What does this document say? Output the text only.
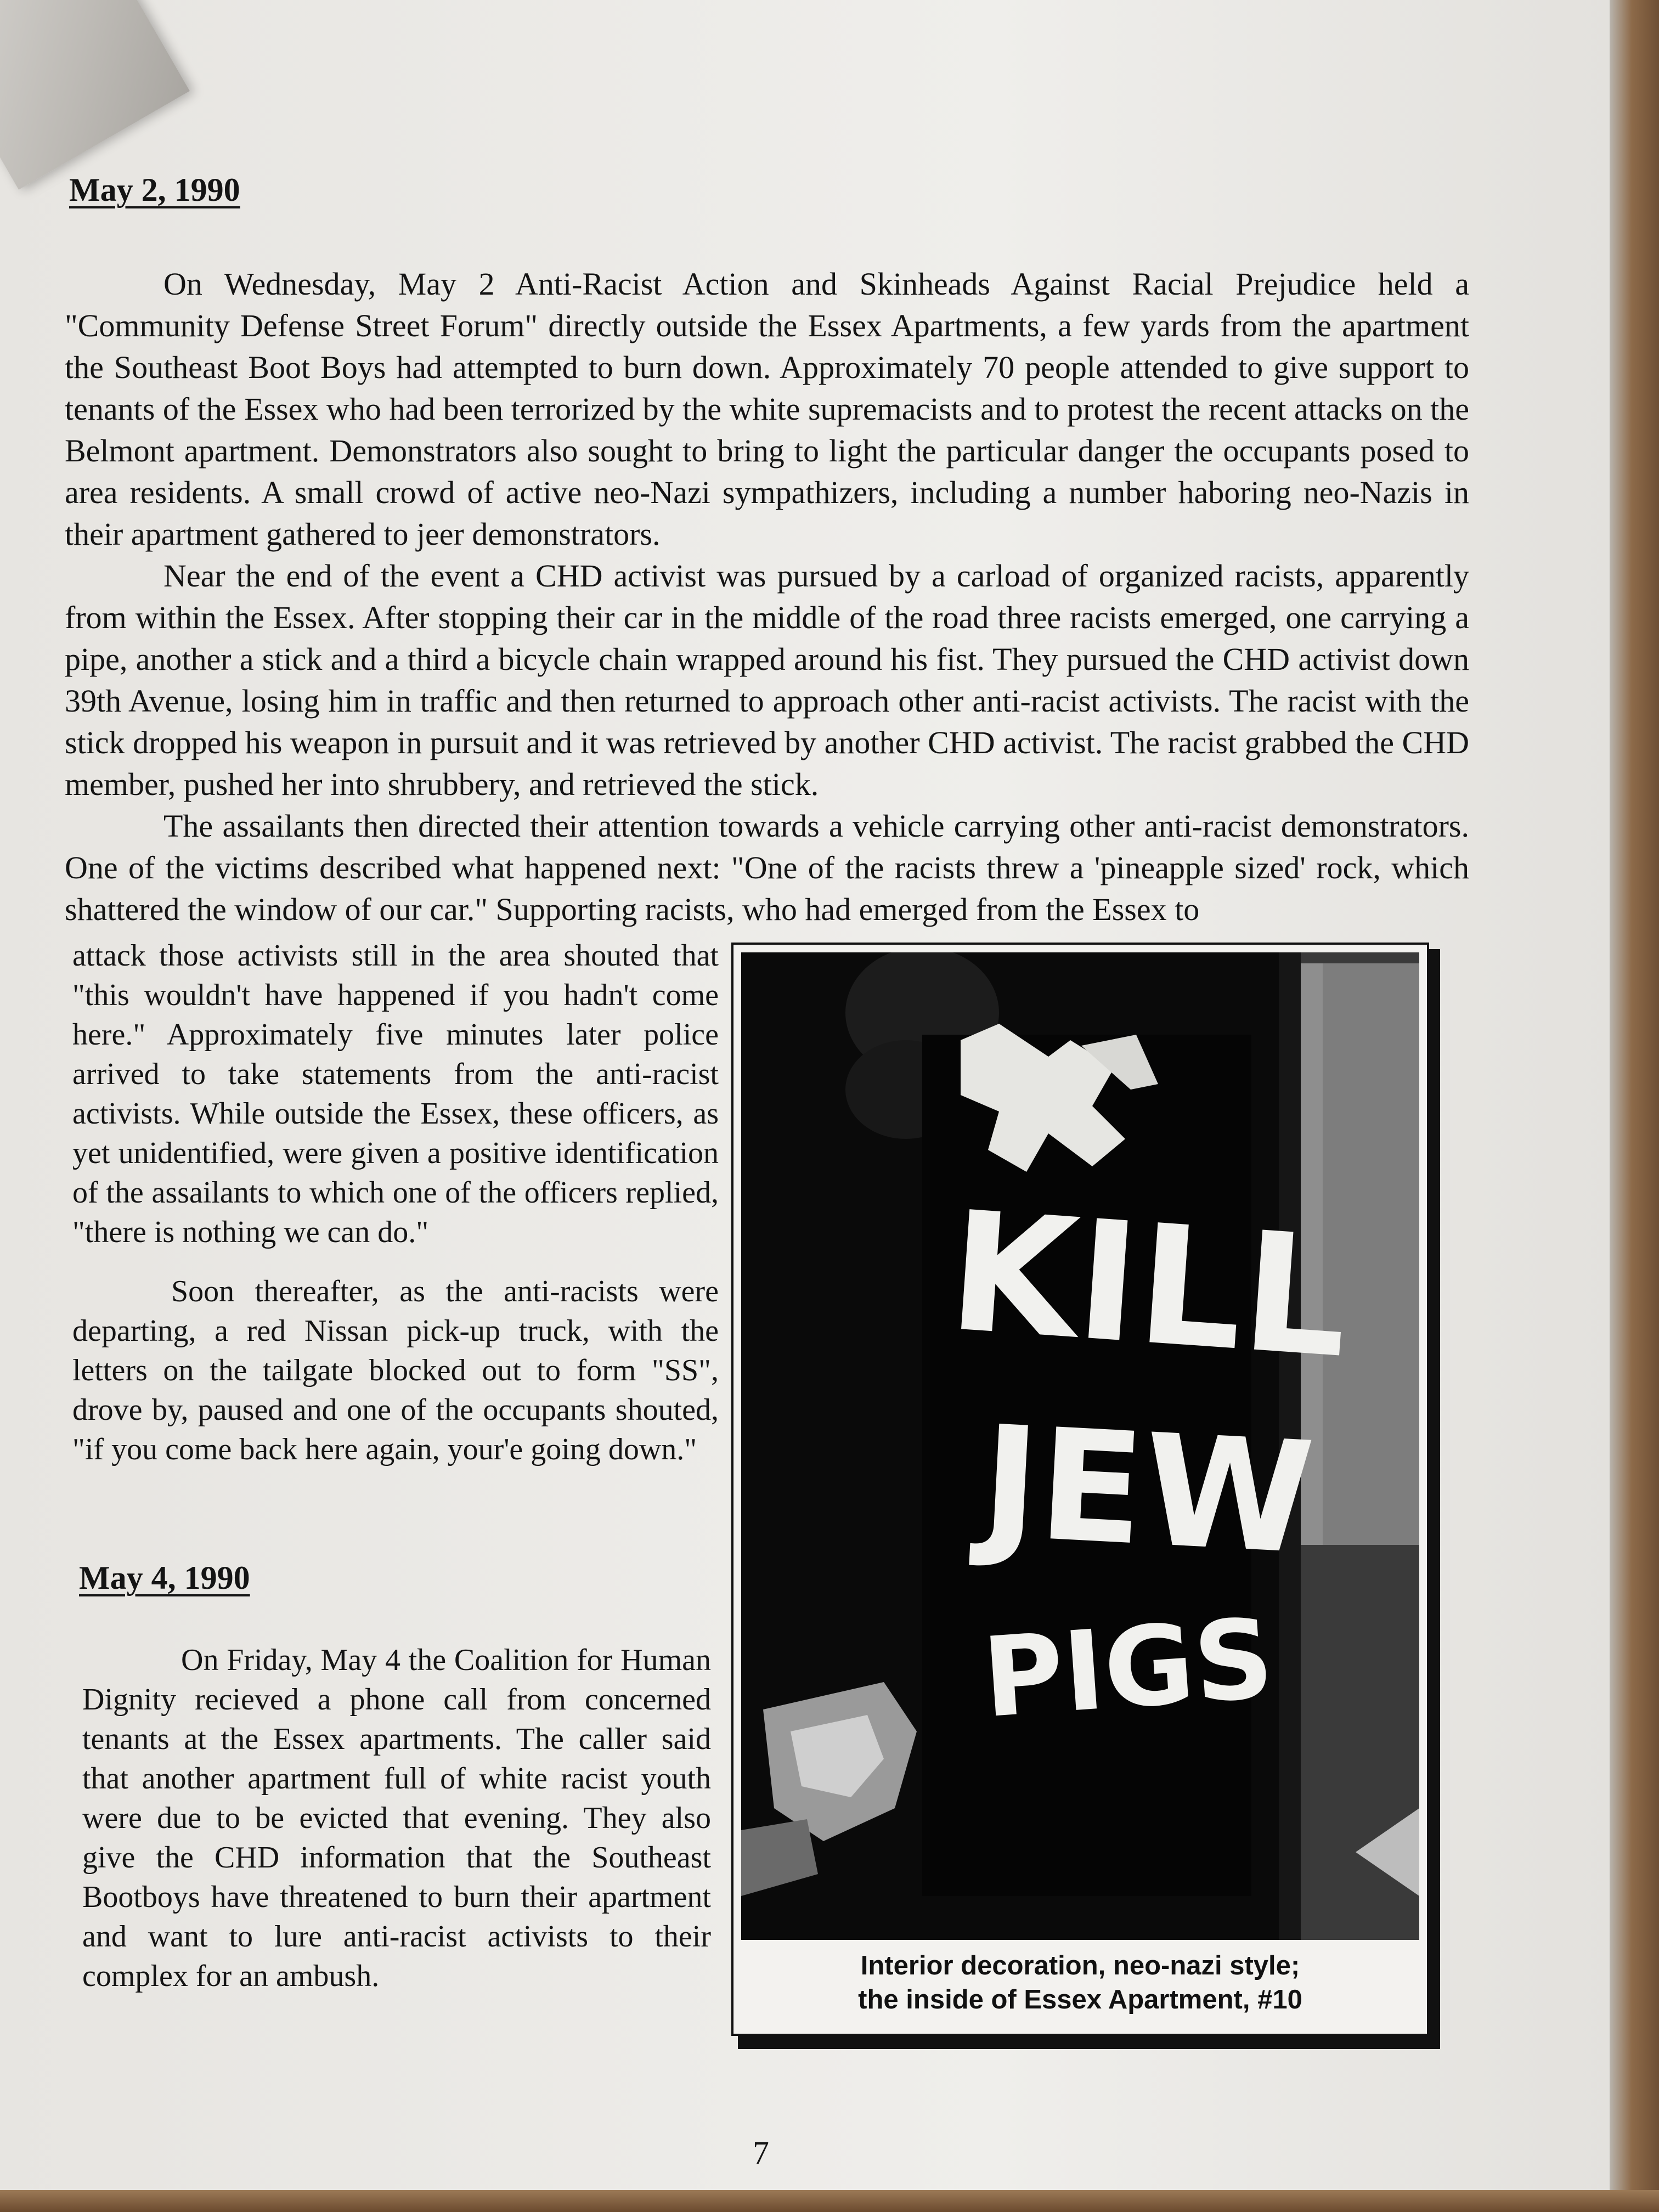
May 2, 1990

On Wednesday, May 2 Anti-Racist Action and Skinheads Against Racial Prejudice held a "Community Defense Street Forum" directly outside the Essex Apartments, a few yards from the apartment the Southeast Boot Boys had attempted to burn down. Approximately 70 people attended to give support to tenants of the Essex who had been terrorized by the white supremacists and to protest the recent attacks on the Belmont apartment. Demonstrators also sought to bring to light the particular danger the occupants posed to area residents. A small crowd of active neo-Nazi sympathizers, including a number haboring neo-Nazis in their apartment gathered to jeer demonstrators.

Near the end of the event a CHD activist was pursued by a carload of organized racists, apparently from within the Essex. After stopping their car in the middle of the road three racists emerged, one carrying a pipe, another a stick and a third a bicycle chain wrapped around his fist. They pursued the CHD activist down 39th Avenue, losing him in traffic and then returned to approach other anti-racist activists. The racist with the stick dropped his weapon in pursuit and it was retrieved by another CHD activist. The racist grabbed the CHD member, pushed her into shrubbery, and retrieved the stick.

The assailants then directed their attention towards a vehicle carrying other anti-racist demonstrators. One of the victims described what happened next: "One of the racists threw a 'pineapple sized' rock, which shattered the window of our car." Supporting racists, who had emerged from the Essex to

attack those activists still in the area shouted that "this wouldn't have happened if you hadn't come here." Approximately five minutes later police arrived to take statements from the anti-racist activists. While outside the Essex, these officers, as yet unidentified, were given a positive identification of the assailants to which one of the officers replied, "there is nothing we can do."

Soon thereafter, as the anti-racists were departing, a red Nissan pick-up truck, with the letters on the tailgate blocked out to form "SS", drove by, paused and one of the occupants shouted, "if you come back here again, your'e going down."

May 4, 1990

On Friday, May 4 the Coalition for Human Dignity recieved a phone call from concerned tenants at the Essex apartments. The caller said that another apartment full of white racist youth were due to be evicted that evening. They also give the CHD information that the Southeast Bootboys have threatened to burn their apartment and want to lure anti-racist activists to their complex for an ambush.

KILL
JEW
PIGS
Interior decoration, neo-nazi style;
the inside of Essex Apartment, #10

7
